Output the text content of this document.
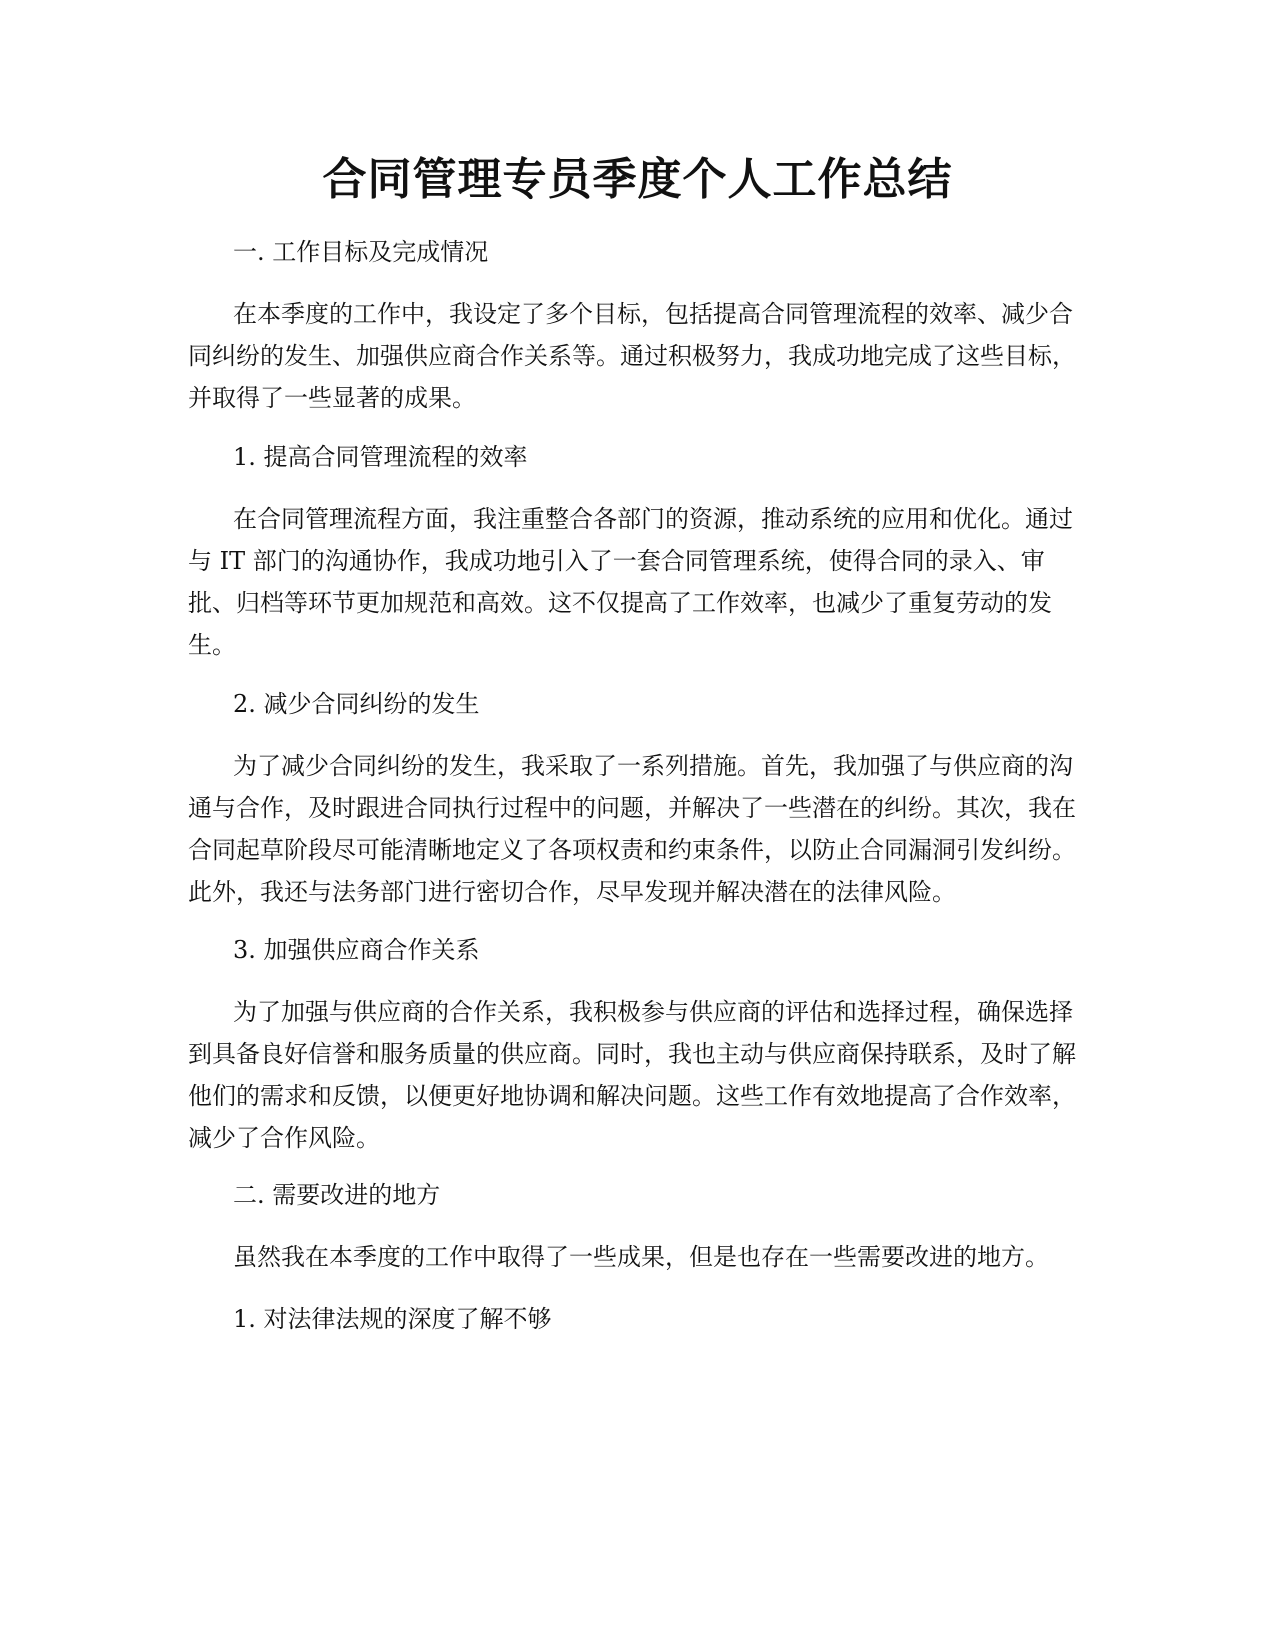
合同管理专员季度个人工作总结

一. 工作目标及完成情况

在本季度的工作中，我设定了多个目标，包括提高合同管理流程的效率、减少合同纠纷的发生、加强供应商合作关系等。通过积极努力，我成功地完成了这些目标，并取得了一些显著的成果。

1. 提高合同管理流程的效率

在合同管理流程方面，我注重整合各部门的资源，推动系统的应用和优化。通过与 IT 部门的沟通协作，我成功地引入了一套合同管理系统，使得合同的录入、审批、归档等环节更加规范和高效。这不仅提高了工作效率，也减少了重复劳动的发生。

2. 减少合同纠纷的发生

为了减少合同纠纷的发生，我采取了一系列措施。首先，我加强了与供应商的沟通与合作，及时跟进合同执行过程中的问题，并解决了一些潜在的纠纷。其次，我在合同起草阶段尽可能清晰地定义了各项权责和约束条件，以防止合同漏洞引发纠纷。此外，我还与法务部门进行密切合作，尽早发现并解决潜在的法律风险。

3. 加强供应商合作关系

为了加强与供应商的合作关系，我积极参与供应商的评估和选择过程，确保选择到具备良好信誉和服务质量的供应商。同时，我也主动与供应商保持联系，及时了解他们的需求和反馈，以便更好地协调和解决问题。这些工作有效地提高了合作效率，减少了合作风险。

二. 需要改进的地方

虽然我在本季度的工作中取得了一些成果，但是也存在一些需要改进的地方。

1. 对法律法规的深度了解不够
